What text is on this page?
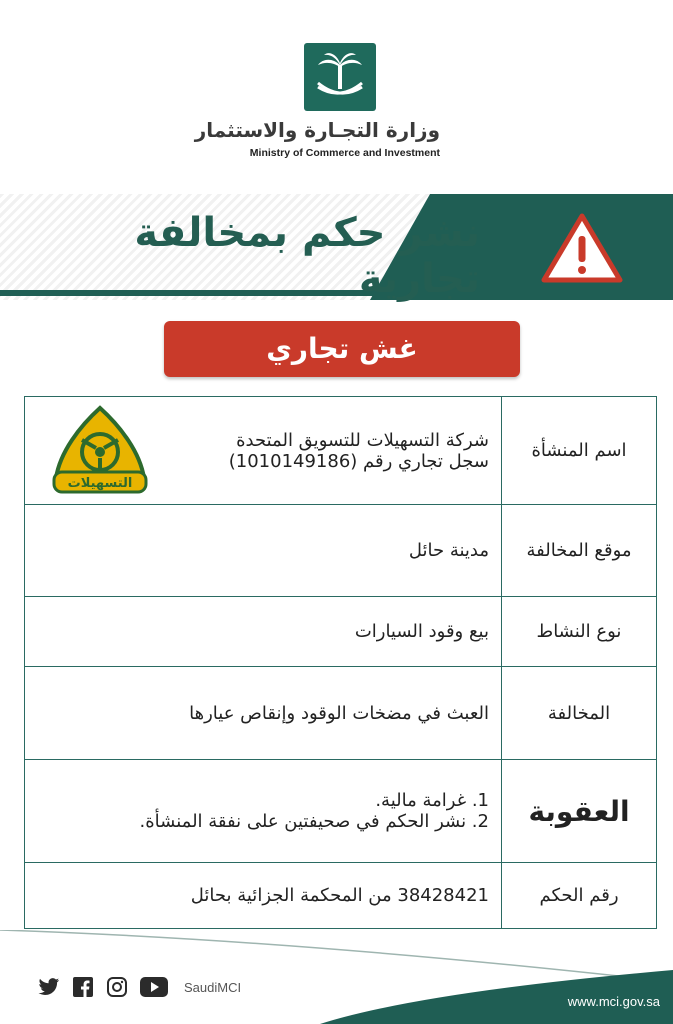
وزارة التجـارة والاستثمار
Ministry of Commerce and Investment
نشر حكم بمخالفة تجارية
غش تجاري
اسم المنشأة	شركة التسهيلات للتسويق المتحدة
سجل تجاري رقم (1010149186)

موقع المخالفة	مدينة حائل
نوع النشاط	بيع وقود السيارات
المخالفة	العبث في مضخات الوقود وإنقاص عيارها
العقوبة	1. غرامة مالية.
2. نشر الحكم في صحيفتين على نفقة المنشأة.

رقم الحكم	38428421 من المحكمة الجزائية بحائل
التسهيلات
SaudiMCI
www.mci.gov.sa
